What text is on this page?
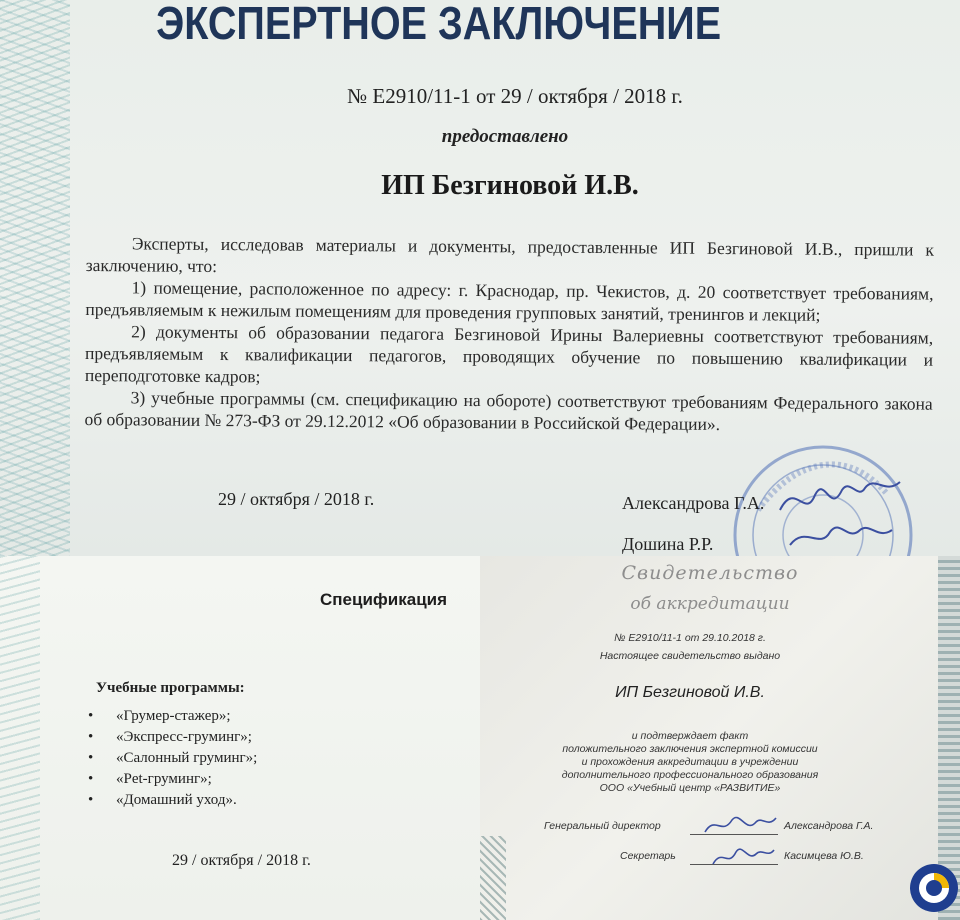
ЭКСПЕРТНОЕ ЗАКЛЮЧЕНИЕ
№ Е2910/11-1 от 29 / октября / 2018 г.
предоставлено
ИП Безгиновой И.В.

Эксперты, исследовав материалы и документы, предоставленные ИП Безгиновой И.В., пришли к заключению, что:

1) помещение, расположенное по адресу: г. Краснодар, пр. Чекистов, д. 20 соответствует требованиям, предъявляемым к нежилым помещениям для проведения групповых занятий, тренингов и лекций;

2) документы об образовании педагога Безгиновой Ирины Валериевны соответствуют требованиям, предъявляемым к квалификации педагогов, проводящих обучение по повышению квалификации и переподготовке кадров;

3) учебные программы (см. спецификацию на обороте) соответствуют требованиям Федерального закона об образовании № 273-ФЗ от 29.12.2012 «Об образовании в Российской Федерации».

29 / октября / 2018 г.	Александрова Г.А.
Дошина Р.Р.
Спецификация
Учебные программы:
• «Грумер-стажер»;
• «Экспресс-груминг»;
• «Салонный груминг»;
• «Pet-груминг»;
• «Домашний уход».
29 / октября / 2018 г.
Свидетельство
об аккредитации
№ Е2910/11-1 от 29.10.2018 г.
Настоящее свидетельство выдано
ИП Безгиновой И.В.
и подтверждает факт
положительного заключения экспертной комиссии
и прохождения аккредитации в учреждении
дополнительного профессионального образования
ООО «Учебный центр «РАЗВИТИЕ»
Генеральный директор	Александрова Г.А.
Секретарь	Касимцева Ю.В.
